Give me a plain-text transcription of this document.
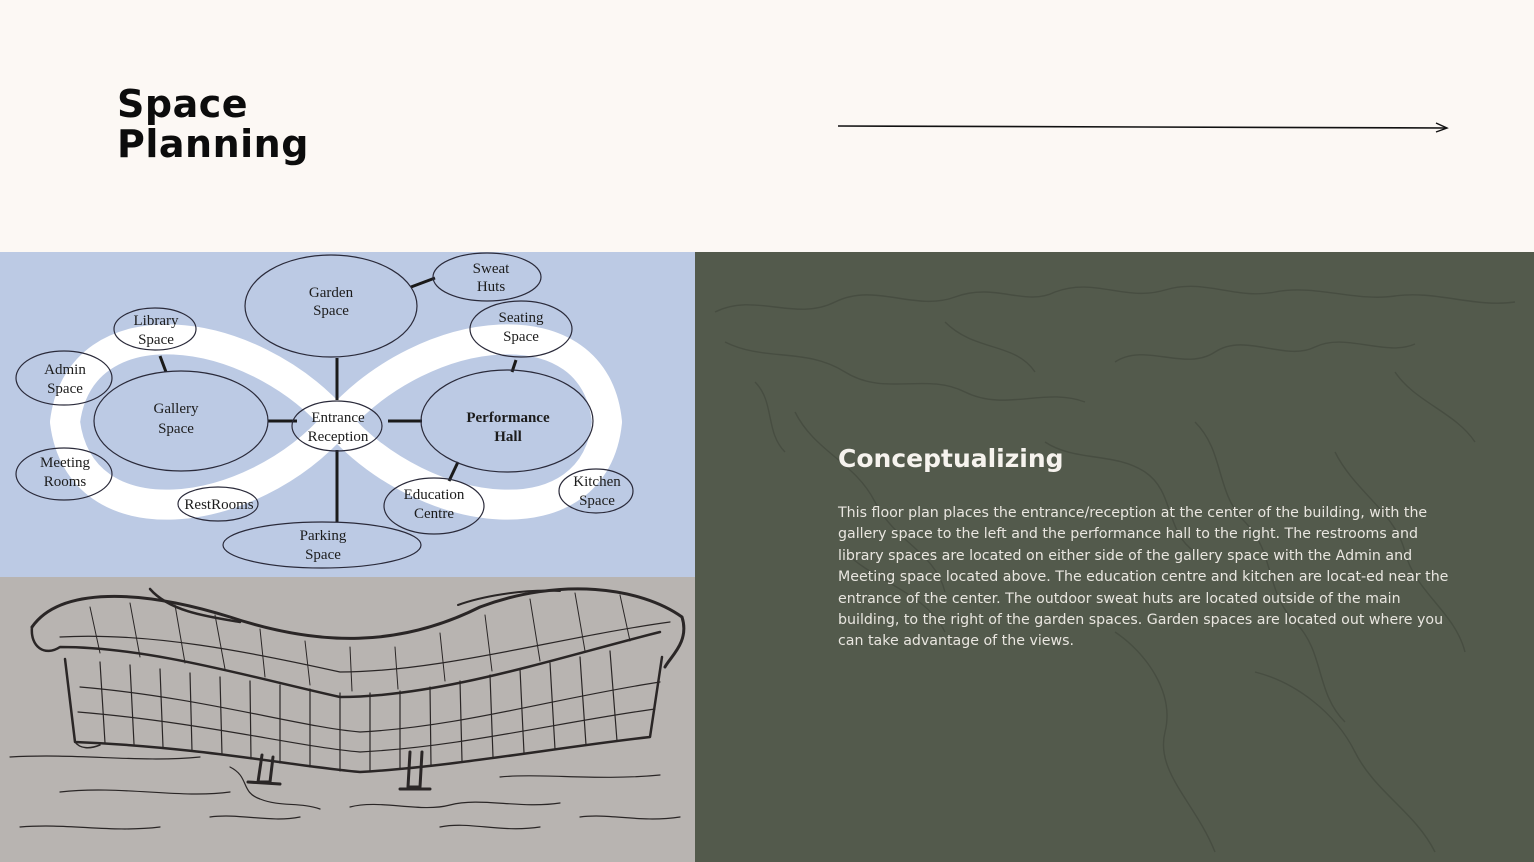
Space
Planning
Garden Space
Sweat Huts
Library Space
Seating Space
Admin Space
Gallery Space
Entrance Reception
Performance Hall
Meeting Rooms	Kitchen Space
RestRooms
Education Centre
Parking Space
Conceptualizing

This floor plan places the entrance/reception at the center of the building, with the gallery space to the left and the performance hall to the right. The restrooms and library spaces are located on either side of the gallery space with the Admin and Meeting space located above. The education centre and kitchen are locat-ed near the entrance of the center. The outdoor sweat huts are located outside of the main building, to the right of the garden spaces. Garden spaces are located out where you can take advantage of the views.
